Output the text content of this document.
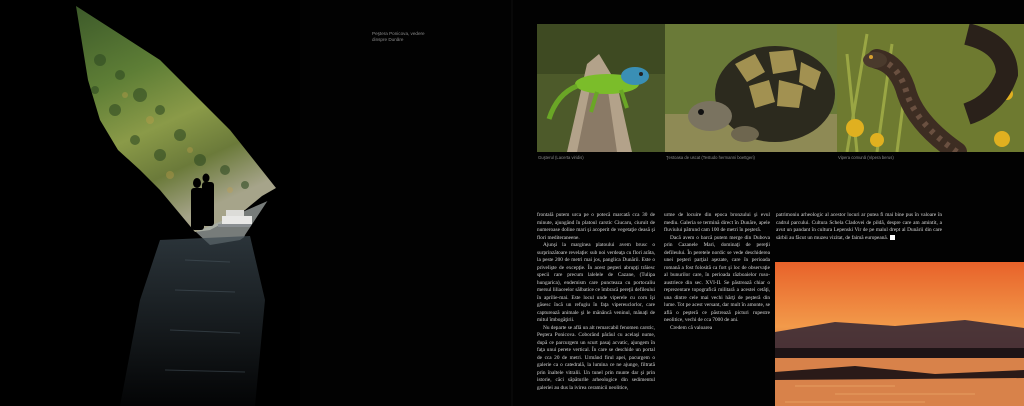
Peştera Ponicova, vedere dinspre Dunăre
Guşterul (Lacerta viridis)	Ţestoasa de uscat (Testudo hermanni boettgeri)	Vipera comună (Vipera berus)

frontală putem urca pe o potecă marcată cca 30 de minute, ajungând în platoul carstic Ciucaru, ciuruit de numeroase doline mari şi acoperit de vegetaţie deasă şi flori mediteraneene.

Ajunşi la marginea platoului avem brusc o surprinzătoare revelaţie: sub noi verdeaţa cu flori arăta, la peste 200 de metri mai jos, panglica Dunării. Este o privelişte de excepţie. În acest peşteri abrupţi trăiesc specii rare precum lalelele de Cazane, (Tulipa hungarica), endemism care puncteaza cu portocaliu mersul liliaceelor sălbatice ce îmbracă pereţii defileului în aprilie-mai. Este locul unde viperele cu corn îşi găsesc încă un refugiu în faţa vipereuclorlor, care capturează animale şi le mănâncă veninul, mânaţi de mitul îmbogăţirii.

Nu departe se află un alt remarcabil fenomen carstic, Peştera Ponicova. Coborând pârâul cu acelaşi nume, după ce parcurgem un scurt pasaj acvatic, ajungem în faţa unui perete vertical. În care se deschide un portal de cca 20 de metri. Urmând firul apei, pacurgem o galerie ca o catedrală, la lumina ce ne ajunge, filtrată prin înaltele vitralii. Un tunel prin munte dar şi prin istorie, căci săpăturile arheologice din sedimentul galeriei au dus la ivirea ceramicii neolitice,

urme de locuire din epoca bronzului şi evul mediu. Galeria se termină direct în Dunăre, apele fluviului pătrund cam 100 de metri în peşteră.

Dacă avem o barcă putem merge din Dubova prin Cazanele Mari, dominaţi de pereţii defileului. În peretele nordic se vede deschiderea unei peşteri parţial aşezate, care în perioada romană a fost folosită ca fort şi loc de observaţie al bunurilor care, în perioada războaielor ruso-austriece din sec. XVI-II. Se păstrează chiar o reprezentare topografică militară a acestei cetăţi, una dintre cele mai vechi hărţi de peşteră din lume. Tot pe acest versant, dar mult în amonte, se află o peşteră ce păstrează picturi rupestre neolitice, vechi de cca 7000 de ani.

Credem că valoarea

patrimoniu arheologic al acestor locuri ar putea fi mai bine pus în valoare în cadrul parcului. Cultura Schela Cladovei de pildă, despre care am amintit, a avut un pandant în cultura Lepenski Vir de pe malul drept al Dunării din care sârbii au făcut un muzeu vizitat, de faimă europeană.
